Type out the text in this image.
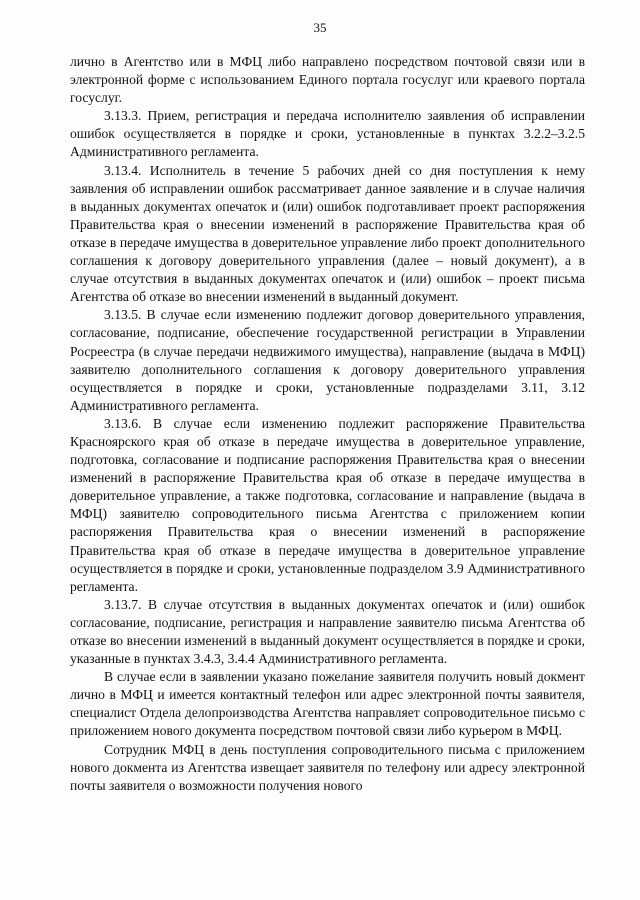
35

лично в Агентство или в МФЦ либо направлено посредством почтовой связи или в электронной форме с использованием Единого портала госуслуг или краевого портала госуслуг.

3.13.3. Прием, регистрация и передача исполнителю заявления об исправлении ошибок осуществляется в порядке и сроки, установленные в пунктах 3.2.2–3.2.5 Административного регламента.

3.13.4. Исполнитель в течение 5 рабочих дней со дня поступления к нему заявления об исправлении ошибок рассматривает данное заявление и в случае наличия в выданных документах опечаток и (или) ошибок подготавливает проект распоряжения Правительства края о внесении изменений в распоряжение Правительства края об отказе в передаче имущества в доверительное управление либо проект дополнительного соглашения к договору доверительного управления (далее – новый документ), а в случае отсутствия в выданных документах опечаток и (или) ошибок – проект письма Агентства об отказе во внесении изменений в выданный документ.

3.13.5. В случае если изменению подлежит договор доверительного управления, согласование, подписание, обеспечение государственной регистрации в Управлении Росреестра (в случае передачи недвижимого имущества), направление (выдача в МФЦ) заявителю дополнительного соглашения к договору доверительного управления осуществляется в порядке и сроки, установленные подразделами 3.11, 3.12 Административного регламента.

3.13.6. В случае если изменению подлежит распоряжение Правительства Красноярского края об отказе в передаче имущества в доверительное управление, подготовка, согласование и подписание распоряжения Правительства края о внесении изменений в распоряжение Правительства края об отказе в передаче имущества в доверительное управление, а также подготовка, согласование и направление (выдача в МФЦ) заявителю сопроводительного письма Агентства с приложением копии распоряжения Правительства края о внесении изменений в распоряжение Правительства края об отказе в передаче имущества в доверительное управление осуществляется в порядке и сроки, установленные подразделом 3.9 Административного регламента.

3.13.7. В случае отсутствия в выданных документах опечаток и (или) ошибок согласование, подписание, регистрация и направление заявителю письма Агентства об отказе во внесении изменений в выданный документ осуществляется в порядке и сроки, указанные в пунктах 3.4.3, 3.4.4 Административного регламента.

В случае если в заявлении указано пожелание заявителя получить новый докмент лично в МФЦ и имеется контактный телефон или адрес электронной почты заявителя, специалист Отдела делопроизводства Агентства направляет сопроводительное письмо с приложением нового документа посредством почтовой связи либо курьером в МФЦ.

Сотрудник МФЦ в день поступления сопроводительного письма с приложением нового докмента из Агентства извещает заявителя по телефону или адресу электронной почты заявителя о возможности получения нового
